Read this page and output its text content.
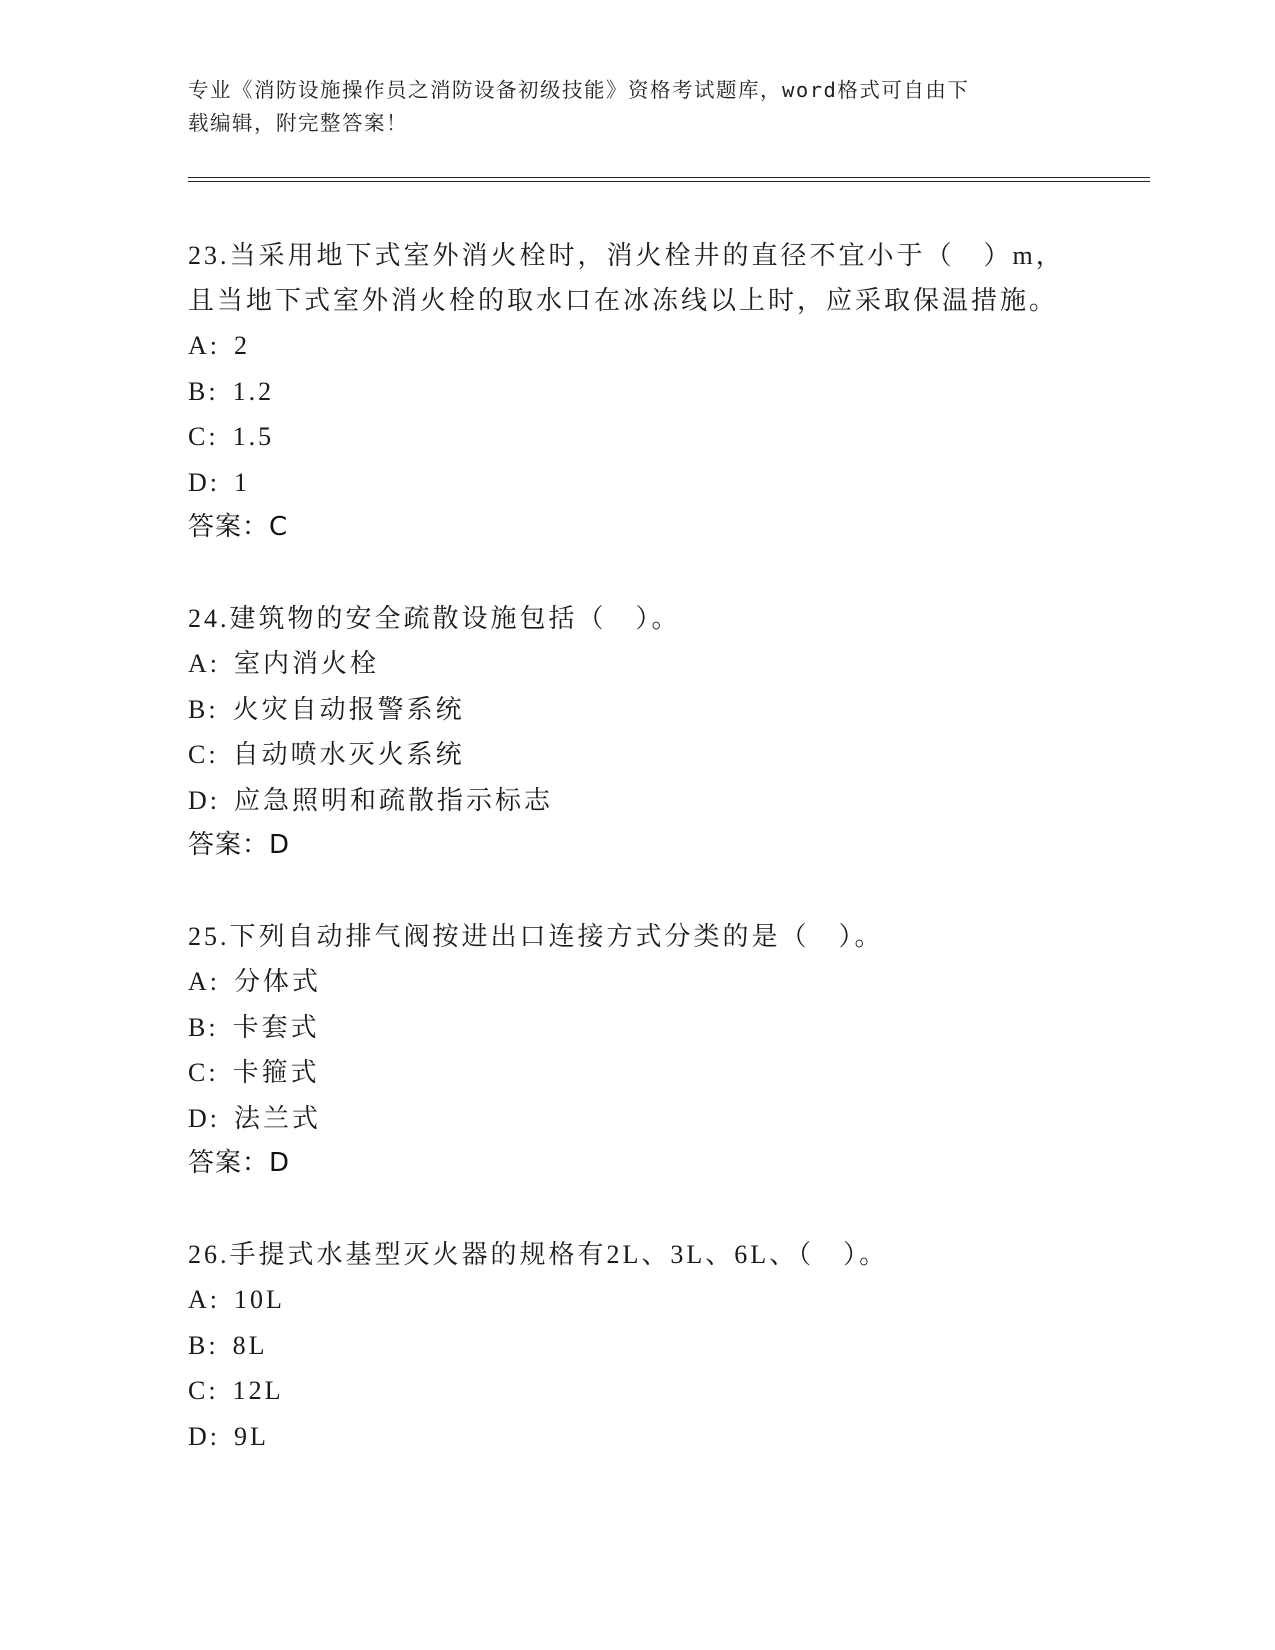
专业《消防设施操作员之消防设备初级技能》资格考试题库，word格式可自由下
载编辑，附完整答案！

23.当采用地下式室外消火栓时，消火栓井的直径不宜小于（　）m，

且当地下式室外消火栓的取水口在冰冻线以上时，应采取保温措施。

A: 2

B: 1.2

C: 1.5

D: 1

答案：C

24.建筑物的安全疏散设施包括（　）。

A: 室内消火栓

B: 火灾自动报警系统

C: 自动喷水灭火系统

D: 应急照明和疏散指示标志

答案：D

25.下列自动排气阀按进出口连接方式分类的是（　）。

A: 分体式

B: 卡套式

C: 卡箍式

D: 法兰式

答案：D

26.手提式水基型灭火器的规格有2L、3L、6L、（　）。

A: 10L

B: 8L

C: 12L

D: 9L
